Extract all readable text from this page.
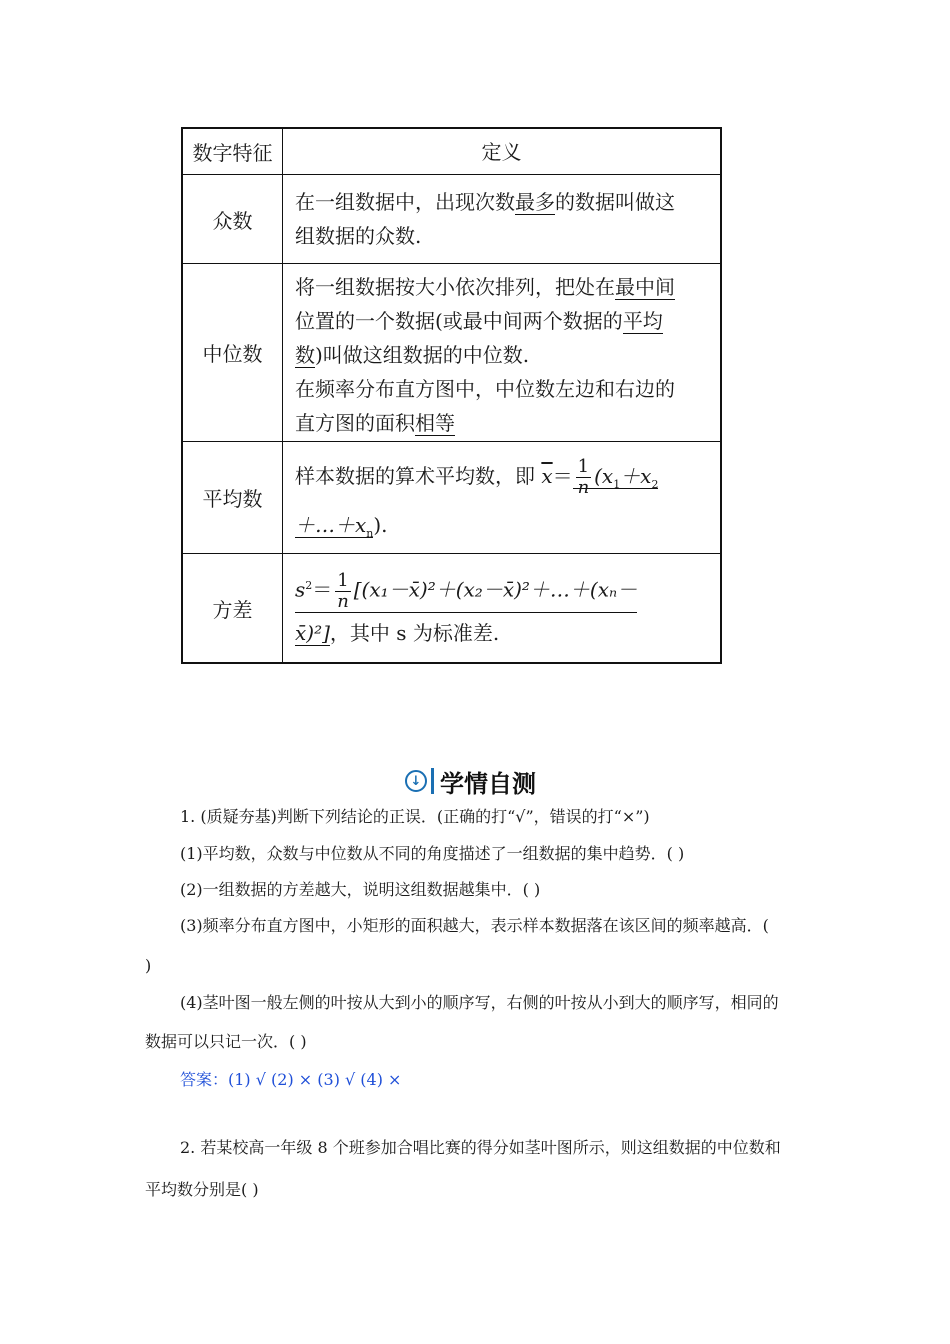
数字特征	定义
众数
在一组数据中，出现次数最多的数据叫做这
组数据的众数.
中位数
将一组数据按大小依次排列，把处在最中间
位置的一个数据(或最中间两个数据的平均
数)叫做这组数据的中位数.
在频率分布直方图中，中位数左边和右边的
直方图的面积相等
平均数
样本数据的算术平均数，即 $\overline{x}= \frac{1}{n} (x_1+x_2$
$+\dots+x_n$).
方差
$s^2= \frac{1}{n}$ [(x₁－x̄)²＋(x₂－x̄)²＋…＋(xₙ－
x̄)²]，其中 s 为标准差.
↓ 学情自测
1. (质疑夯基)判断下列结论的正误．(正确的打“√”，错误的打“×”)
(1)平均数，众数与中位数从不同的角度描述了一组数据的集中趋势．( )
(2)一组数据的方差越大，说明这组数据越集中．( )
(3)频率分布直方图中，小矩形的面积越大，表示样本数据落在该区间的频率越高．(
)
(4)茎叶图一般左侧的叶按从大到小的顺序写，右侧的叶按从小到大的顺序写，相同的
数据可以只记一次．( )
答案：(1) √ (2) × (3) √ (4) ×
2. 若某校高一年级 8 个班参加合唱比赛的得分如茎叶图所示，则这组数据的中位数和
平均数分别是( )
